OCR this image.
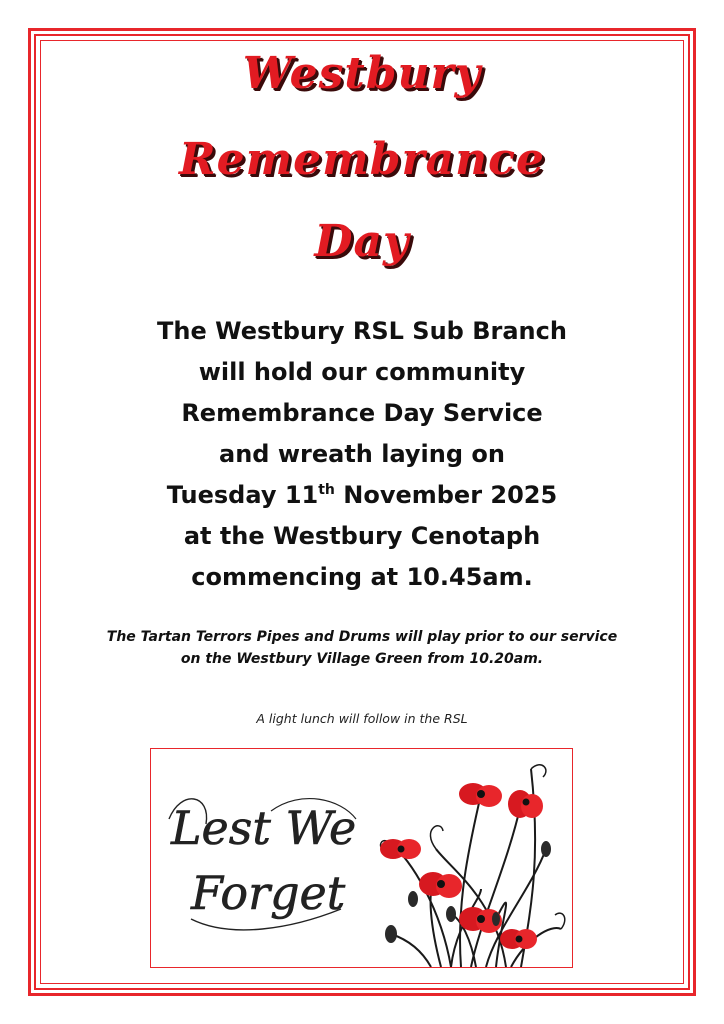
Westbury
Remembrance
Day
The Westbury RSL Sub Branch
will hold our community
Remembrance Day Service
and wreath laying on
Tuesday 11th November 2025
at the Westbury Cenotaph
commencing at 10.45am.
The Tartan Terrors Pipes and Drums will play prior to our service
on the Westbury Village Green from 10.20am.
A light lunch will follow in the RSL
Lest We
Forget
